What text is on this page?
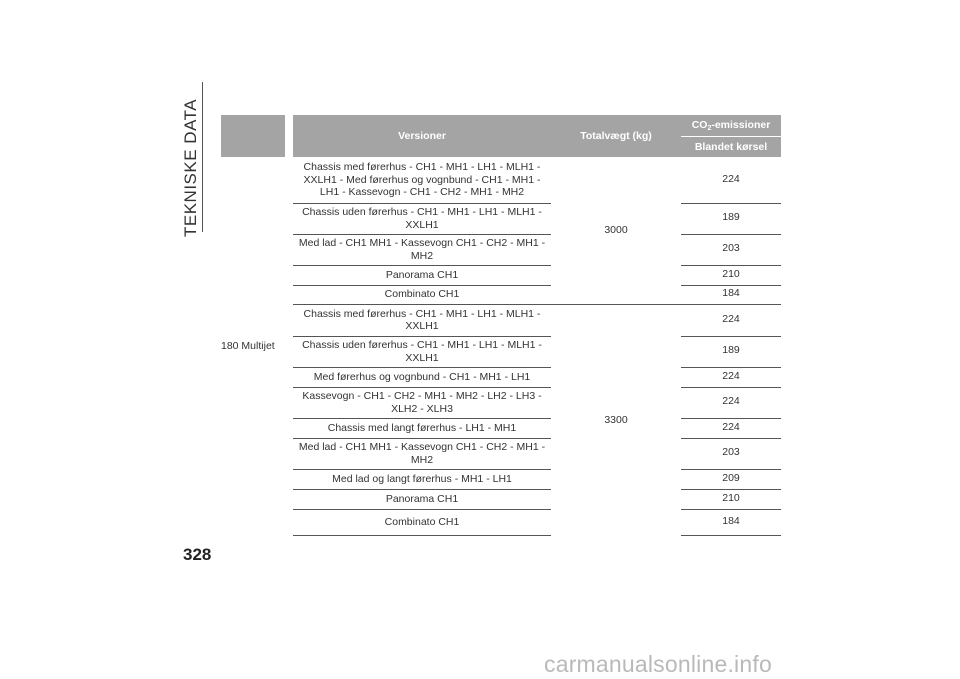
TEKNISKE DATA
			Versioner	Totalvægt (kg)	$CO_2$-emissioner
				Blandet kørsel
180 Multijet		Chassis med førerhus - CH1 - MH1 - LH1 - MLH1 - XXLH1 - Med førerhus og vognbund - CH1 - MH1 - LH1 - Kassevogn - CH1 - CH2 - MH1 - MH2	3000	224
		Chassis uden førerhus - CH1 - MH1 - LH1 - MLH1 - XXLH1		189
		Med lad - CH1 MH1 - Kassevogn CH1 - CH2 - MH1 - MH2		203
		Panorama CH1		210
		Combinato CH1		184
		Chassis med førerhus - CH1 - MH1 - LH1 - MLH1 - XXLH1	3300	224
		Chassis uden førerhus - CH1 - MH1 - LH1 - MLH1 - XXLH1		189
		Med førerhus og vognbund - CH1 - MH1 - LH1		224
		Kassevogn - CH1 - CH2 - MH1 - MH2 - LH2 - LH3 - XLH2 - XLH3		224
		Chassis med langt førerhus - LH1 - MH1		224
		Med lad - CH1 MH1 - Kassevogn CH1 - CH2 - MH1 - MH2		203
		Med lad og langt førerhus - MH1 - LH1		209
		Panorama CH1		210
		Combinato CH1		184
328
carmanualsonline.info
